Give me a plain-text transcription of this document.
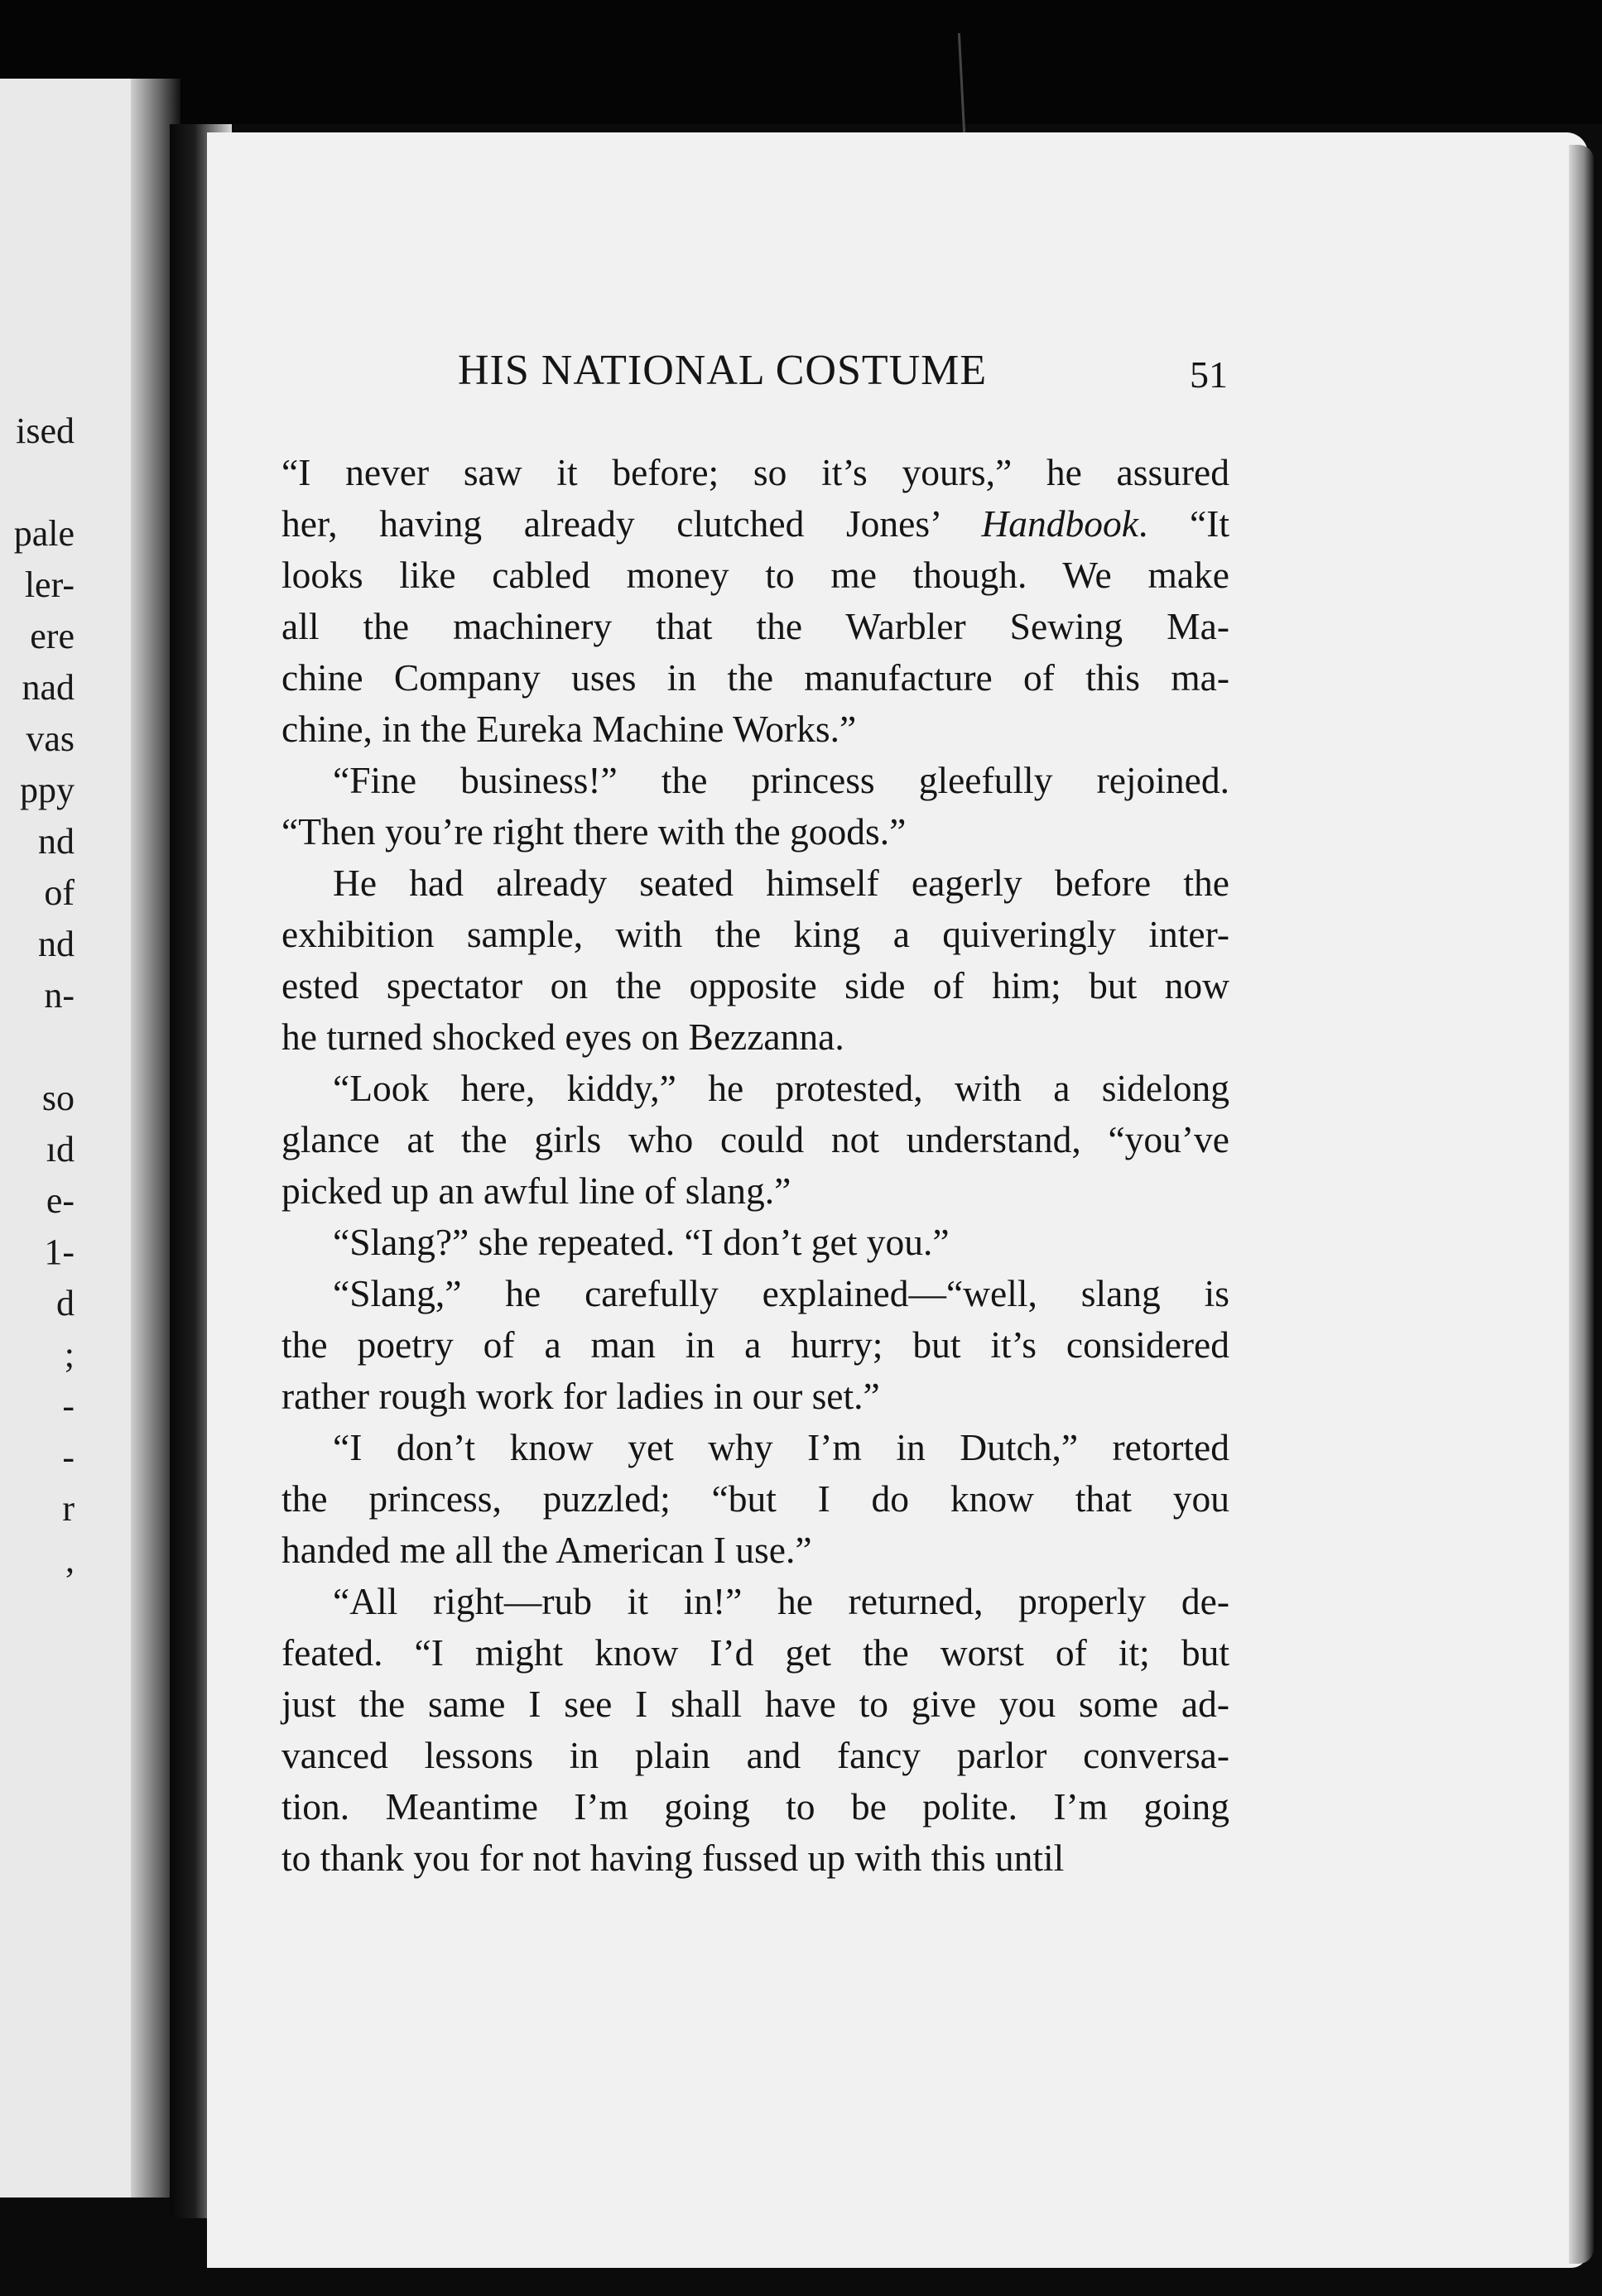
ised
pale
ler-
ere
nad
vas
ppy
nd
of
nd
n-
so
ıd
e-
1-
d
;
-
-
r
,
HIS NATIONAL COSTUME	51
“I never saw it before; so it’s yours,” he assured
her, having already clutched Jones’ Handbook. “It
looks like cabled money to me though. We make
all the machinery that the Warbler Sewing Ma-
chine Company uses in the manufacture of this ma-
chine, in the Eureka Machine Works.”
“Fine business!” the princess gleefully rejoined.
“Then you’re right there with the goods.”
He had already seated himself eagerly before the
exhibition sample, with the king a quiveringly inter-
ested spectator on the opposite side of him; but now
he turned shocked eyes on Bezzanna.
“Look here, kiddy,” he protested, with a sidelong
glance at the girls who could not understand, “you’ve
picked up an awful line of slang.”
“Slang?” she repeated. “I don’t get you.”
“Slang,” he carefully explained—“well, slang is
the poetry of a man in a hurry; but it’s considered
rather rough work for ladies in our set.”
“I don’t know yet why I’m in Dutch,” retorted
the princess, puzzled; “but I do know that you
handed me all the American I use.”
“All right—rub it in!” he returned, properly de-
feated. “I might know I’d get the worst of it; but
just the same I see I shall have to give you some ad-
vanced lessons in plain and fancy parlor conversa-
tion. Meantime I’m going to be polite. I’m going
to thank you for not having fussed up with this until
